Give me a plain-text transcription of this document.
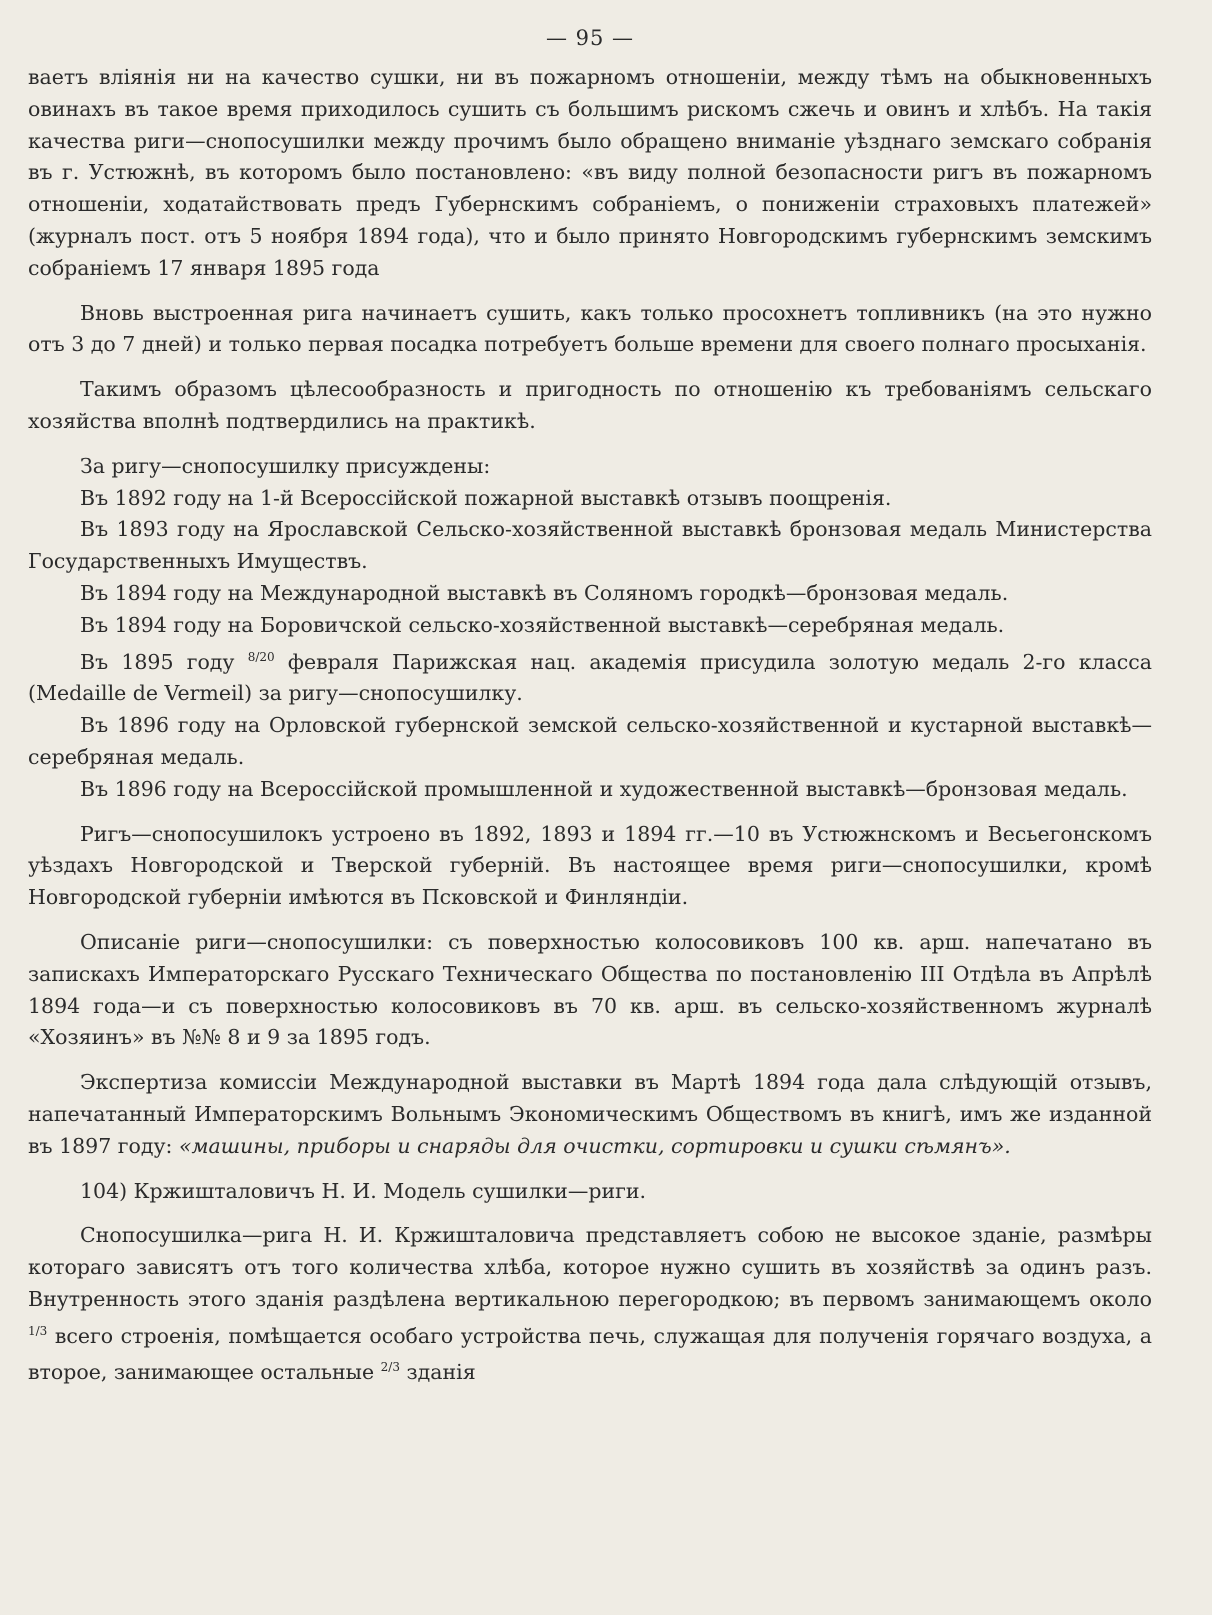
— 95 —

ваетъ вліянія ни на качество сушки, ни въ пожарномъ отношеніи, между тѣмъ на обыкновенныхъ овинахъ въ такое время приходилось сушить съ большимъ рискомъ сжечь и овинъ и хлѣбъ. На такія качества риги—снопосушилки между прочимъ было обращено вниманіе уѣзднаго земскаго собранія въ г. Устюжнѣ, въ которомъ было постановлено: «въ виду полной безопасности ригъ въ пожарномъ отношеніи, ходатайствовать предъ Губернскимъ собраніемъ, о пониженіи страховыхъ платежей» (журналъ пост. отъ 5 ноября 1894 года), что и было принято Новгородскимъ губернскимъ земскимъ собраніемъ 17 января 1895 года

Вновь выстроенная рига начинаетъ сушить, какъ только просохнетъ топливникъ (на это нужно отъ 3 до 7 дней) и только первая посадка потребуетъ больше времени для своего полнаго просыханія.

Такимъ образомъ цѣлесообразность и пригодность по отношенію къ требованіямъ сельскаго хозяйства вполнѣ подтвердились на практикѣ.

За ригу—снопосушилку присуждены:

Въ 1892 году на 1-й Всероссійской пожарной выставкѣ отзывъ поощренія.

Въ 1893 году на Ярославской Сельско-хозяйственной выставкѣ бронзовая медаль Министерства Государственныхъ Имуществъ.

Въ 1894 году на Международной выставкѣ въ Соляномъ городкѣ—бронзовая медаль.

Въ 1894 году на Боровичской сельско-хозяйственной выставкѣ—серебряная медаль.

Въ 1895 году $^{8/20}$ февраля Парижская нац. академія присудила золотую медаль 2-го класса (Medaille de Vermeil) за ригу—снопосушилку.

Въ 1896 году на Орловской губернской земской сельско-хозяйственной и кустарной выставкѣ—серебряная медаль.

Въ 1896 году на Всероссійской промышленной и художественной выставкѣ—бронзовая медаль.

Ригъ—снопосушилокъ устроено въ 1892, 1893 и 1894 гг.—10 въ Устюжнскомъ и Весьегонскомъ уѣздахъ Новгородской и Тверской губерній. Въ настоящее время риги—снопосушилки, кромѣ Новгородской губерніи имѣются въ Псковской и Финляндіи.

Описаніе риги—снопосушилки: съ поверхностью колосовиковъ 100 кв. арш. напечатано въ запискахъ Императорскаго Русскаго Техническаго Общества по постановленію III Отдѣла въ Апрѣлѣ 1894 года—и съ поверхностью колосовиковъ въ 70 кв. арш. въ сельско-хозяйственномъ журналѣ «Хозяинъ» въ №№ 8 и 9 за 1895 годъ.

Экспертиза комиссіи Международной выставки въ Мартѣ 1894 года дала слѣдующій отзывъ, напечатанный Императорскимъ Вольнымъ Экономическимъ Обществомъ въ книгѣ, имъ же изданной въ 1897 году: «машины, приборы и снаряды для очистки, сортировки и сушки сѣмянъ».

104) Кржиштaловичъ Н. И. Модель сушилки—риги.

Снопосушилка—рига Н. И. Кржишталовича представляетъ собою не высокое зданіе, размѣры котораго зависятъ отъ того количества хлѣба, которое нужно сушить въ хозяйствѣ за одинъ разъ. Внутренность этого зданія раздѣлена вертикальною перегородкою; въ первомъ занимающемъ около $^{1/3}$ всего строенія, помѣщается особаго устройства печь, служащая для полученія горячаго воздуха, а второе, занимающее остальные $^{2/3}$ зданія
